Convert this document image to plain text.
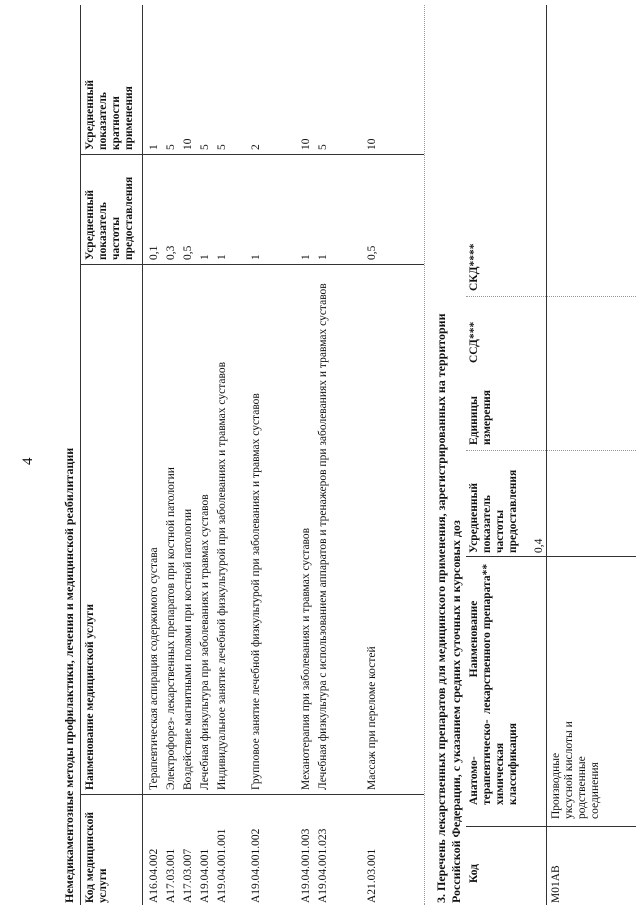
4 Немедикаментозные методы профилактики, лечения и медицинской реабилитации Код медицинской услуги
Наименование медицинской услуги
Усредненный показатель частоты предоставления
Усредненный показатель кратности применения
A16.04.002
Терапевтическая аспирация содержимого сустава
0,1
1
A17.03.001
Электрофорез- лекарственных препаратов при костной патологии
0,3
5
A17.03.007
Воздействие магнитными полями при костной патологии
0,5
10
A19.04.001
Лечебная физкультура при заболеваниях и травмах суставов
1
5
A19.04.001.001
Индивидуальное занятие лечебной физкультурой при заболеваниях и травмах суставов
1
5
A19.04.001.002
Групповое занятие лечебной физкультурой при заболеваниях и травмах суставов
1
2
A19.04.001.003
Механотерапия при заболеваниях и травмах суставов
1
10
A19.04.001.023
Лечебная физкультура с использованием аппаратов и тренажеров при заболеваниях и травмах суставов
1
5
A21.03.001
Массаж при переломе костей
0,5
10
3. Перечень лекарственных препаратов для медицинского применения, зарегистрированных на территории Российской Федерации, с указанием средних суточных и курсовых доз Код
Анатомо-терапевтическо-химическая классификация
Наименование лекарственного препарата**
Усредненный показатель частоты предоставления
Единицы измерения
ССД***
СКД****
M01AB
Производные уксусной кислоты и родственные соединения
0,4
